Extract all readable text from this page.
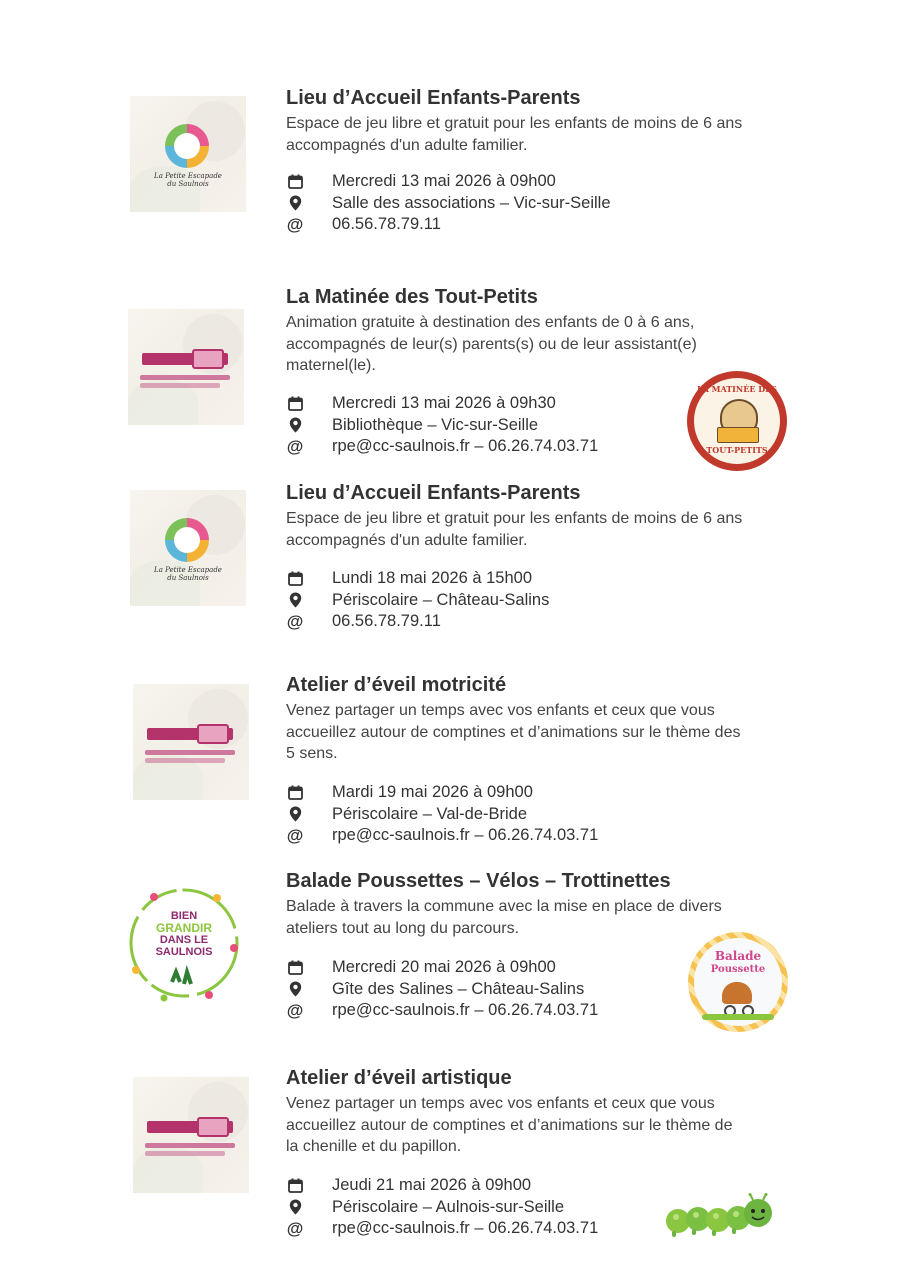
La Petite Escapade
du Saulnois
Lieu d’Accueil Enfants-Parents

Espace de jeu libre et gratuit pour les enfants de moins de 6 ans
accompagnés d'un adulte familier.

Mercredi 13 mai 2026 à 09h00
Salle des associations – Vic-sur-Seille
@ 06.56.78.79.11
La Matinée des Tout-Petits

Animation gratuite à destination des enfants de 0 à 6 ans,
accompagnés de leur(s) parents(s) ou de leur assistant(e)
maternel(le).

Mercredi 13 mai 2026 à 09h30
Bibliothèque – Vic-sur-Seille
@ rpe@cc-saulnois.fr – 06.26.74.03.71
LA MATINÉE DES
TOUT-PETITS
La Petite Escapade
du Saulnois
Lieu d’Accueil Enfants-Parents

Espace de jeu libre et gratuit pour les enfants de moins de 6 ans
accompagnés d'un adulte familier.

Lundi 18 mai 2026 à 15h00
Périscolaire – Château-Salins
@ 06.56.78.79.11
Atelier d’éveil motricité

Venez partager un temps avec vos enfants et ceux que vous
accueillez autour de comptines et d’animations sur le thème des
5 sens.

Mardi 19 mai 2026 à 09h00
Périscolaire – Val-de-Bride
@ rpe@cc-saulnois.fr – 06.26.74.03.71
BIEN
GRANDIR
DANS LE
SAULNOIS
Balade Poussettes – Vélos – Trottinettes

Balade à travers la commune avec la mise en place de divers
ateliers tout au long du parcours.

Mercredi 20 mai 2026 à 09h00
Gîte des Salines – Château-Salins
@ rpe@cc-saulnois.fr – 06.26.74.03.71
Balade
Poussette
Atelier d’éveil artistique

Venez partager un temps avec vos enfants et ceux que vous
accueillez autour de comptines et d’animations sur le thème de
la chenille et du papillon.

Jeudi 21 mai 2026 à 09h00
Périscolaire – Aulnois-sur-Seille
@ rpe@cc-saulnois.fr – 06.26.74.03.71
